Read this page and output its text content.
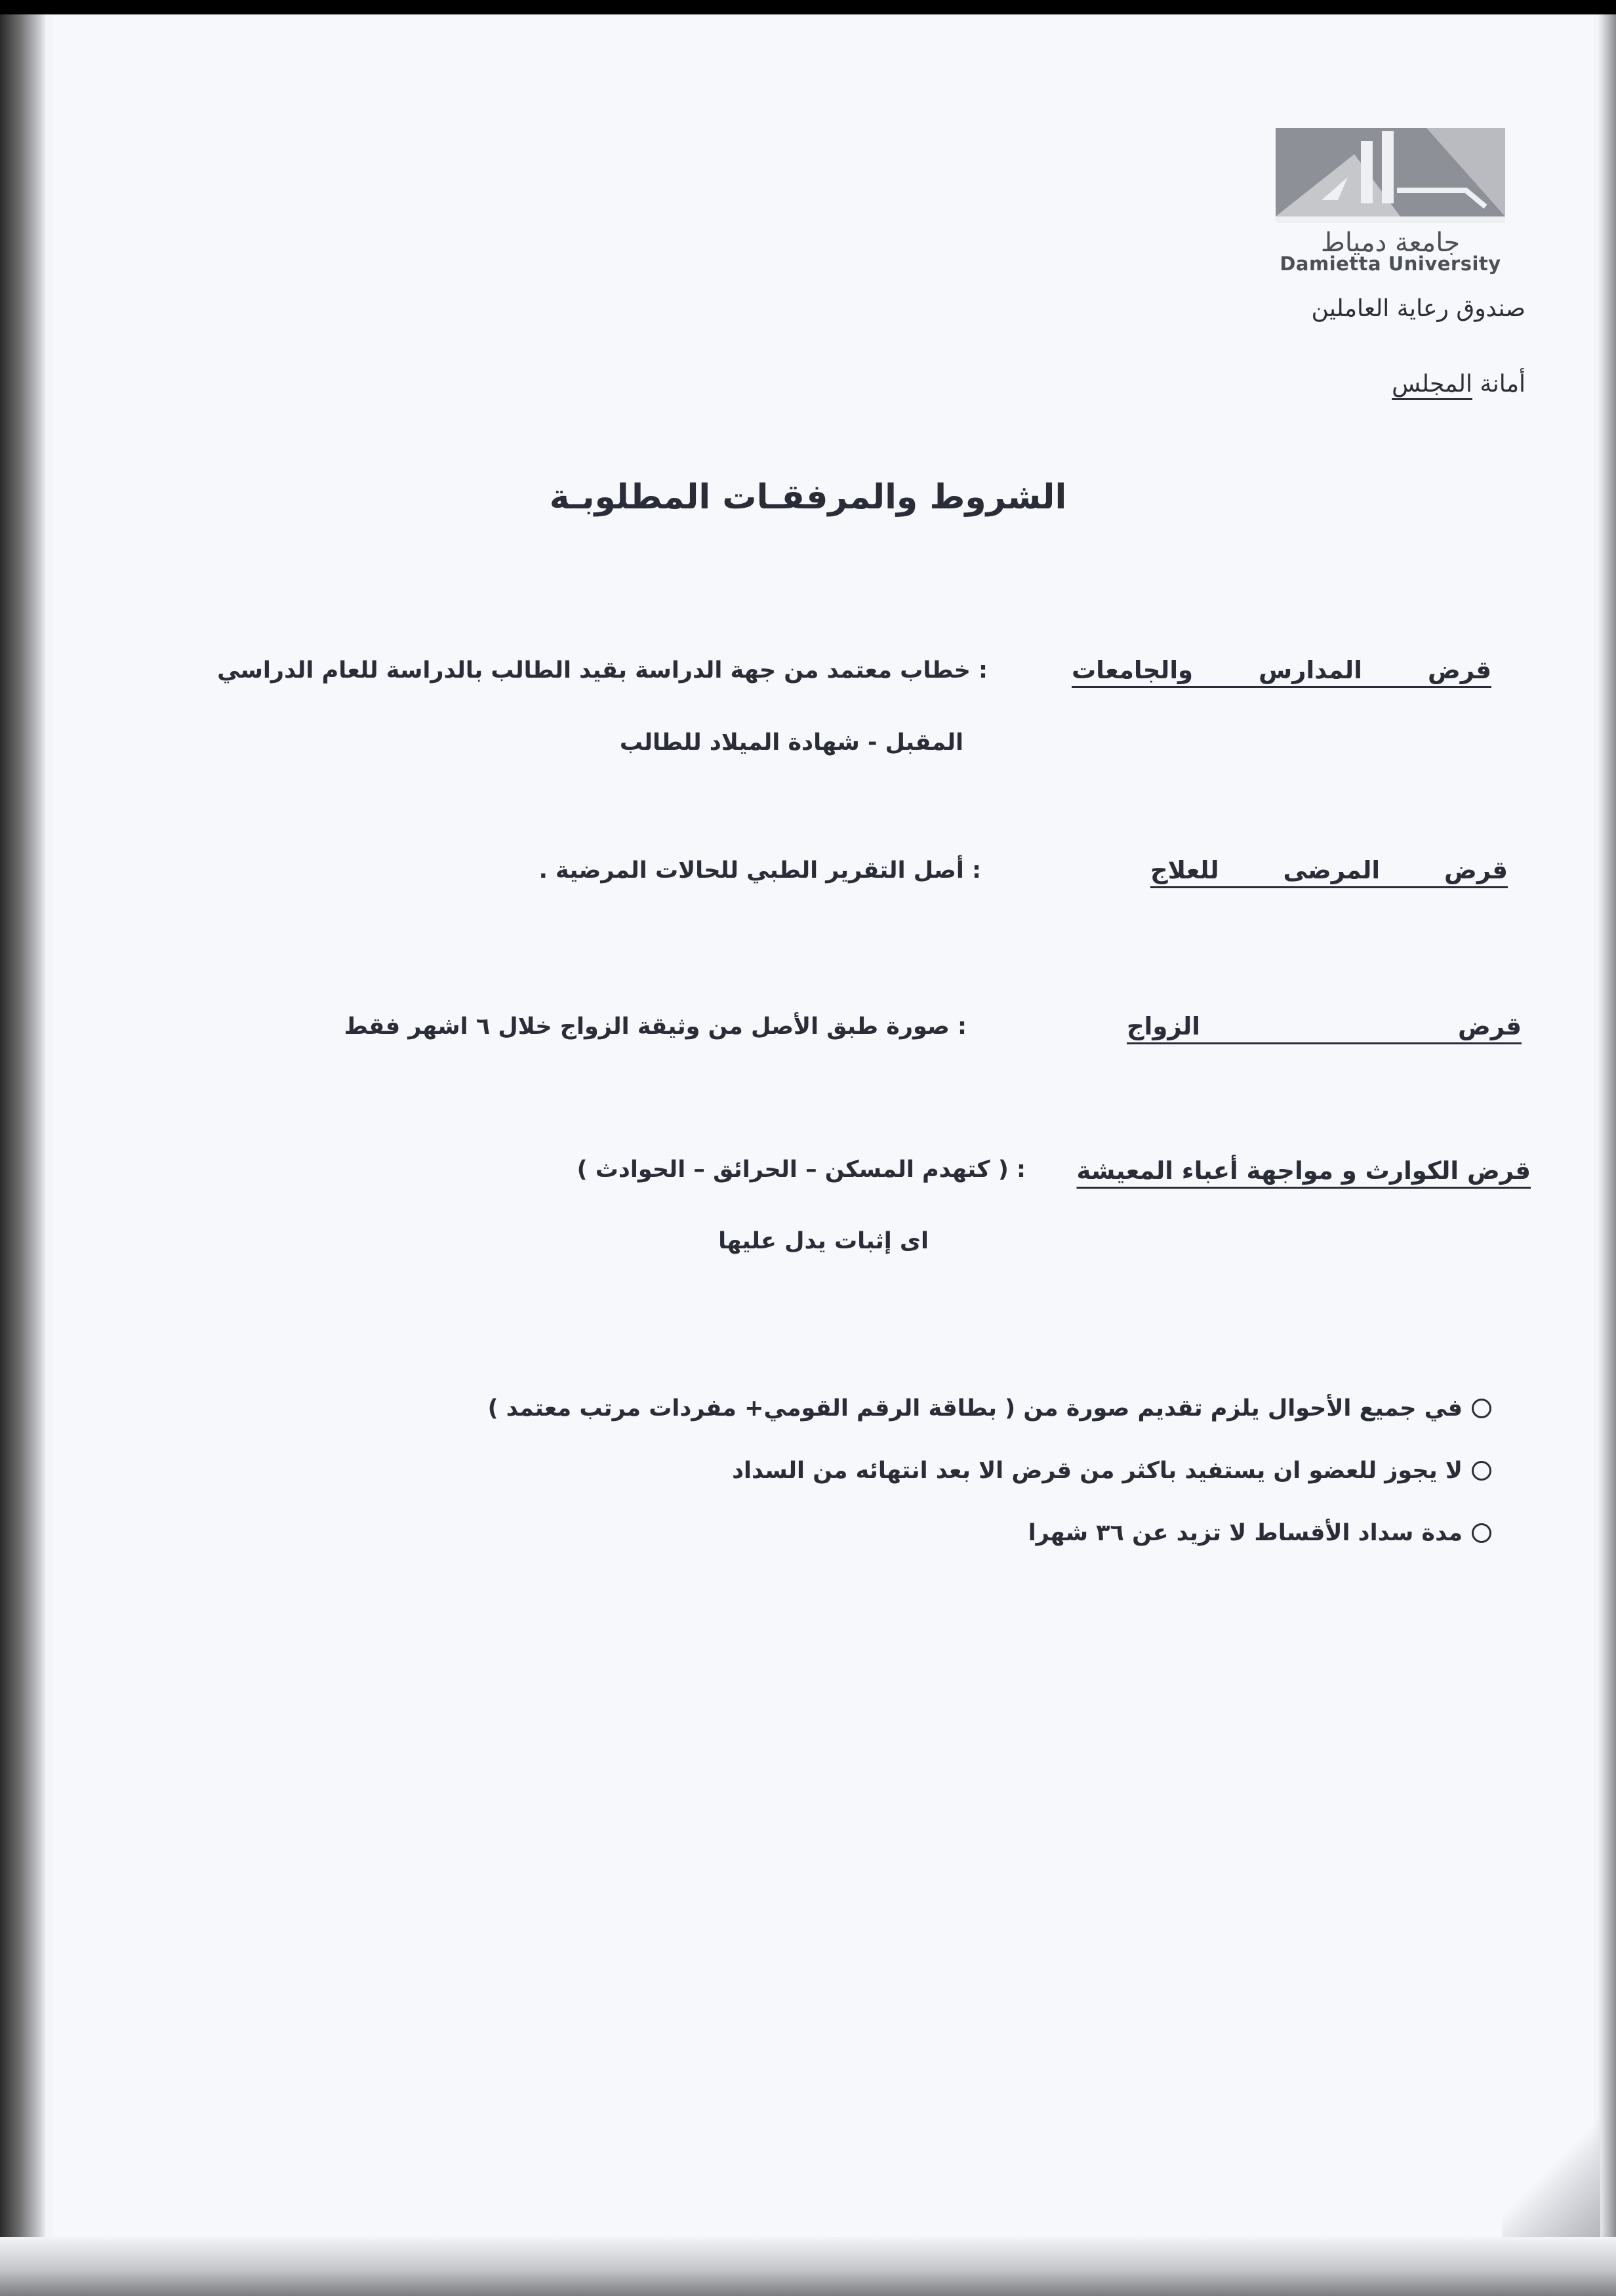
جامعة دمياط
Damietta University
صندوق رعاية العاملين
أمانة المجلس
الشروط والمرفقـات المطلوبـة
قرض المدارس والجامعات
: خطاب معتمد من جهة الدراسة بقيد الطالب بالدراسة للعام الدراسي
المقبل - شهادة الميلاد للطالب
قرض المرضى للعلاج
: أصل التقرير الطبي للحالات المرضية .
قرض الزواج
: صورة طبق الأصل من وثيقة الزواج خلال ٦ اشهر فقط
قرض الكوارث و مواجهة أعباء المعيشة
: ( كتهدم المسكن – الحرائق – الحوادث )
اى إثبات يدل عليها
في جميع الأحوال يلزم تقديم صورة من ( بطاقة الرقم القومي+ مفردات مرتب معتمد )
لا يجوز للعضو ان يستفيد باكثر من قرض الا بعد انتهائه من السداد
مدة سداد الأقساط لا تزيد عن ٣٦ شهرا
